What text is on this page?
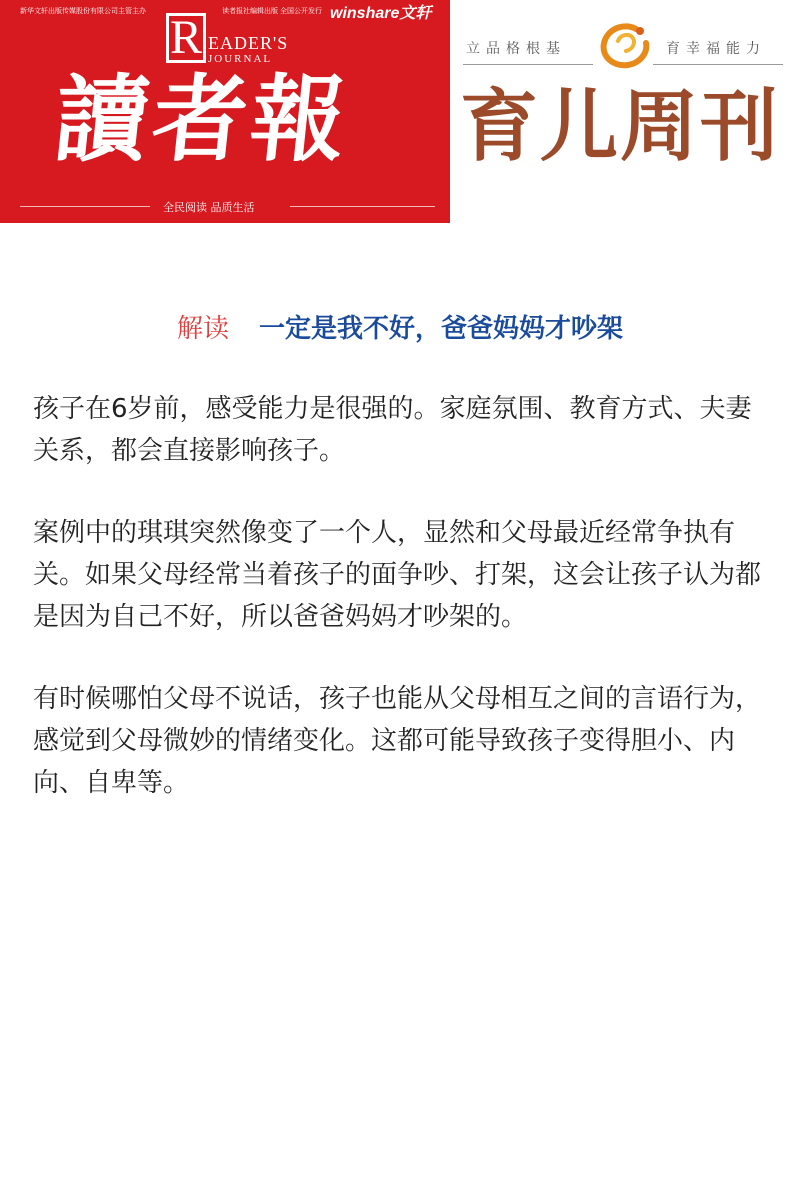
新华文轩出版传媒股份有限公司主管主办	读者报社编辑出版 全国公开发行 winshare文轩
R EADER'S
JOURNAL
讀者報
全民阅读 品质生活
立品格根基	育幸福能力
育儿周刊
解读 一定是我不好，爸爸妈妈才吵架

孩子在6岁前，感受能力是很强的。家庭氛围、教育方式、夫妻关系，都会直接影响孩子。

案例中的琪琪突然像变了一个人，显然和父母最近经常争执有关。如果父母经常当着孩子的面争吵、打架，这会让孩子认为都是因为自己不好，所以爸爸妈妈才吵架的。

有时候哪怕父母不说话，孩子也能从父母相互之间的言语行为，感觉到父母微妙的情绪变化。这都可能导致孩子变得胆小、内向、自卑等。
